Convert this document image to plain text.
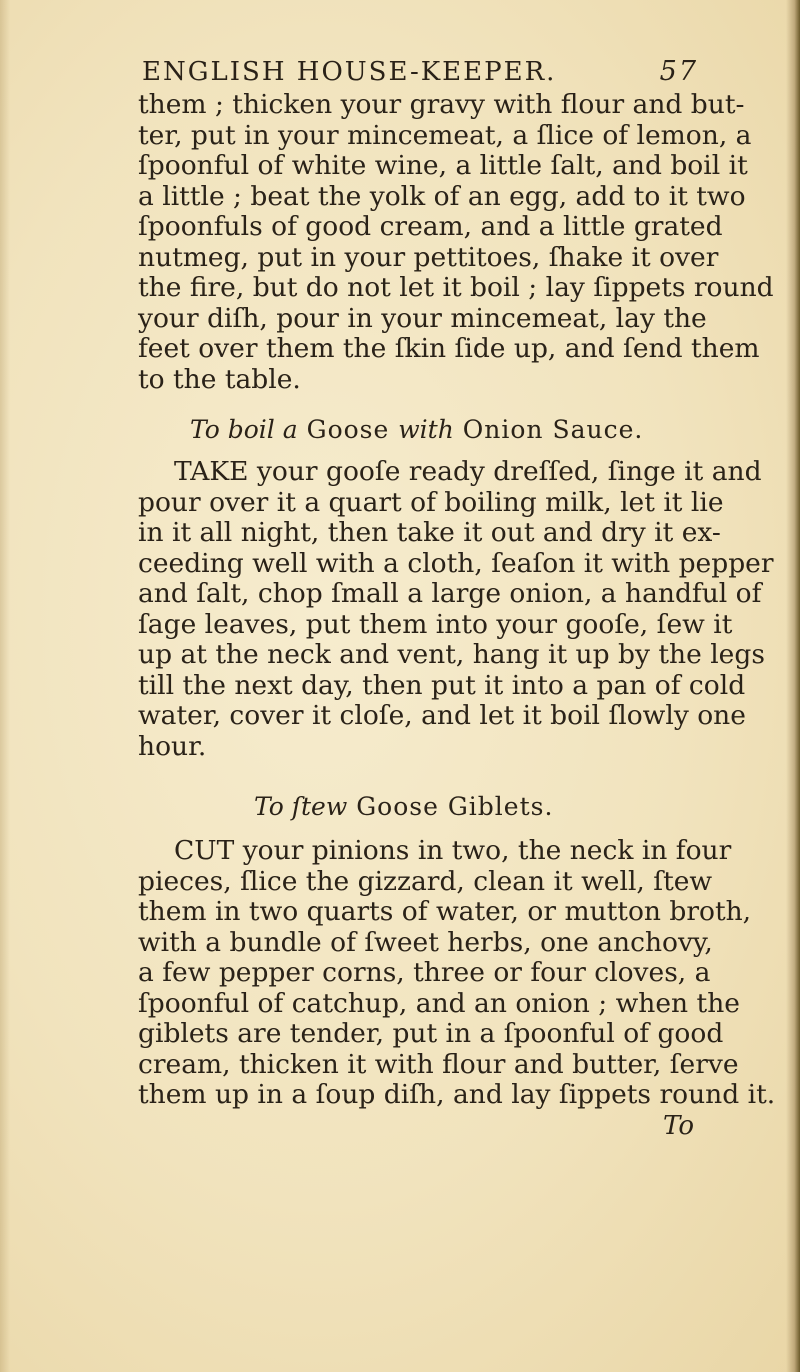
ENGLISH HOUSE-KEEPER.	57
them ; thicken your gravy with flour and but-
ter, put in your mincemeat, a ſlice of lemon, a
ſpoonful of white wine, a little ſalt, and boil it
a little ; beat the yolk of an egg, add to it two
ſpoonfuls of good cream, and a little grated
nutmeg, put in your pettitoes, ſhake it over
the fire, but do not let it boil ; lay ſippets round
your diſh, pour in your mincemeat, lay the
feet over them the ſkin ſide up, and ſend them
to the table.
To boil a Goose with Onion Sauce.
TAKE your gooſe ready dreſſed, ſinge it and
pour over it a quart of boiling milk, let it lie
in it all night, then take it out and dry it ex-
ceeding well with a cloth, ſeaſon it with pepper
and ſalt, chop ſmall a large onion, a handful of
ſage leaves, put them into your gooſe, ſew it
up at the neck and vent, hang it up by the legs
till the next day, then put it into a pan of cold
water, cover it cloſe, and let it boil ſlowly one
hour.
To ſtew Goose Giblets.
CUT your pinions in two, the neck in four
pieces, ſlice the gizzard, clean it well, ſtew
them in two quarts of water, or mutton broth,
with a bundle of ſweet herbs, one anchovy,
a few pepper corns, three or four cloves, a
ſpoonful of catchup, and an onion ; when the
giblets are tender, put in a ſpoonful of good
cream, thicken it with flour and butter, ſerve
them up in a ſoup diſh, and lay ſippets round it.
To
